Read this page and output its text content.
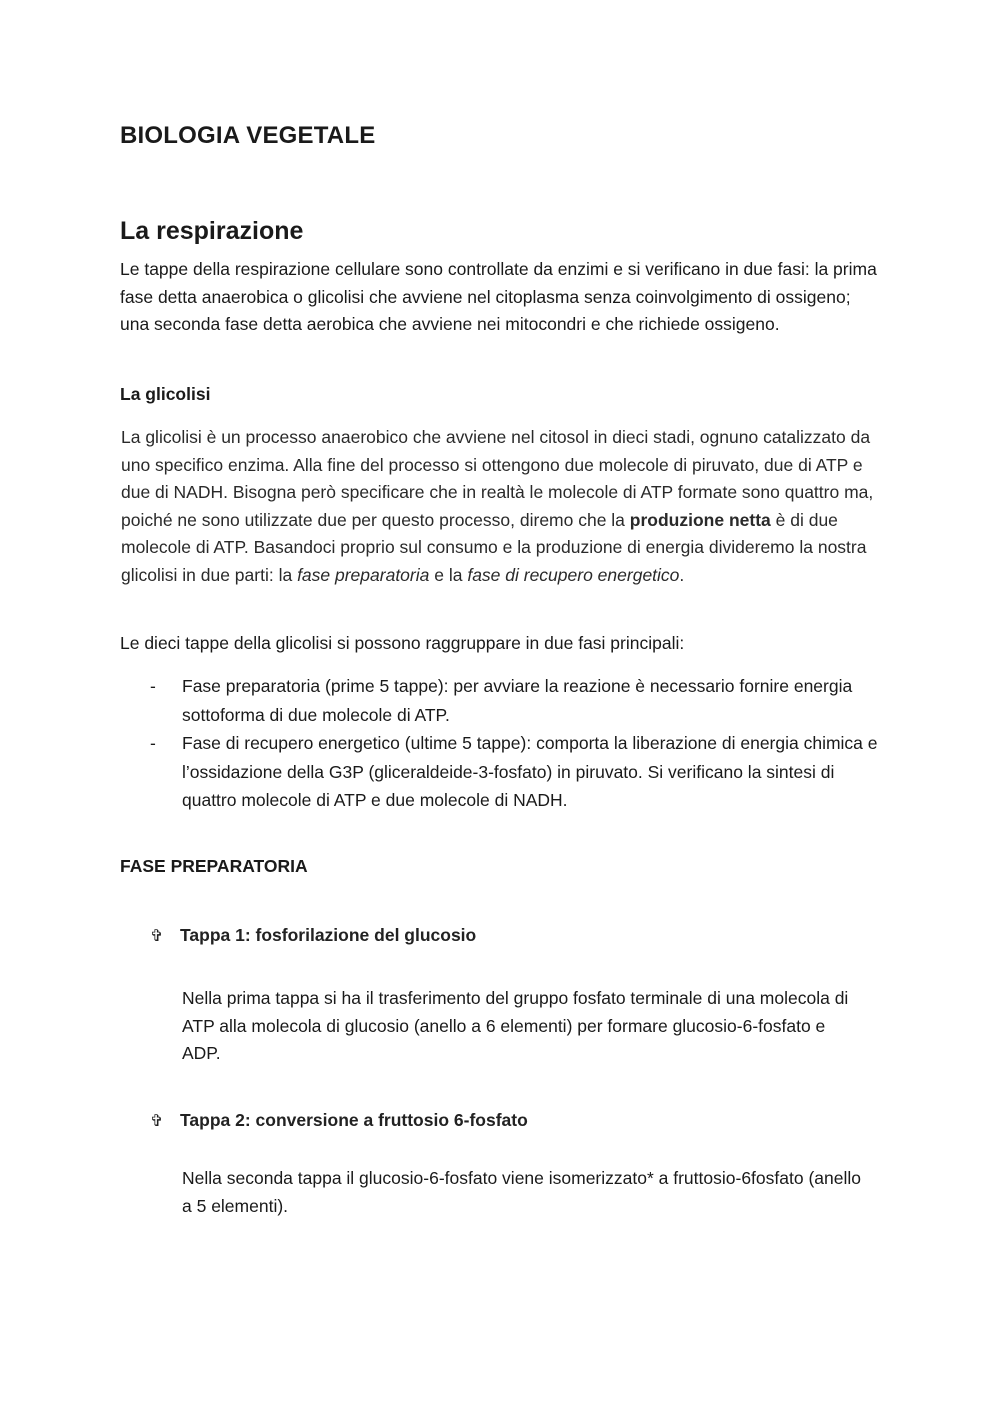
BIOLOGIA VEGETALE
La respirazione

Le tappe della respirazione cellulare sono controllate da enzimi e si verificano in due fasi: la prima fase detta anaerobica o glicolisi che avviene nel citoplasma senza coinvolgimento di ossigeno; una seconda fase detta aerobica che avviene nei mitocondri e che richiede ossigeno.

La glicolisi

La glicolisi è un processo anaerobico che avviene nel citosol in dieci stadi, ognuno catalizzato da uno specifico enzima. Alla fine del processo si ottengono due molecole di piruvato, due di ATP e due di NADH. Bisogna però specificare che in realtà le molecole di ATP formate sono quattro ma, poiché ne sono utilizzate due per questo processo, diremo che la produzione netta è di due molecole di ATP. Basandoci proprio sul consumo e la produzione di energia divideremo la nostra glicolisi in due parti: la fase preparatoria e la fase di recupero energetico.

Le dieci tappe della glicolisi si possono raggruppare in due fasi principali:

- Fase preparatoria (prime 5 tappe): per avviare la reazione è necessario fornire energia sottoforma di due molecole di ATP.
- Fase di recupero energetico (ultime 5 tappe): comporta la liberazione di energia chimica e l’ossidazione della G3P (gliceraldeide-3-fosfato) in piruvato. Si verificano la sintesi di quattro molecole di ATP e due molecole di NADH.
FASE PREPARATORIA
✞ Tappa 1: fosforilazione del glucosio

Nella prima tappa si ha il trasferimento del gruppo fosfato terminale di una molecola di ATP alla molecola di glucosio (anello a 6 elementi) per formare glucosio-6-fosfato e ADP.

✞ Tappa 2: conversione a fruttosio 6-fosfato

Nella seconda tappa il glucosio-6-fosfato viene isomerizzato* a fruttosio-6fosfato (anello a 5 elementi).
